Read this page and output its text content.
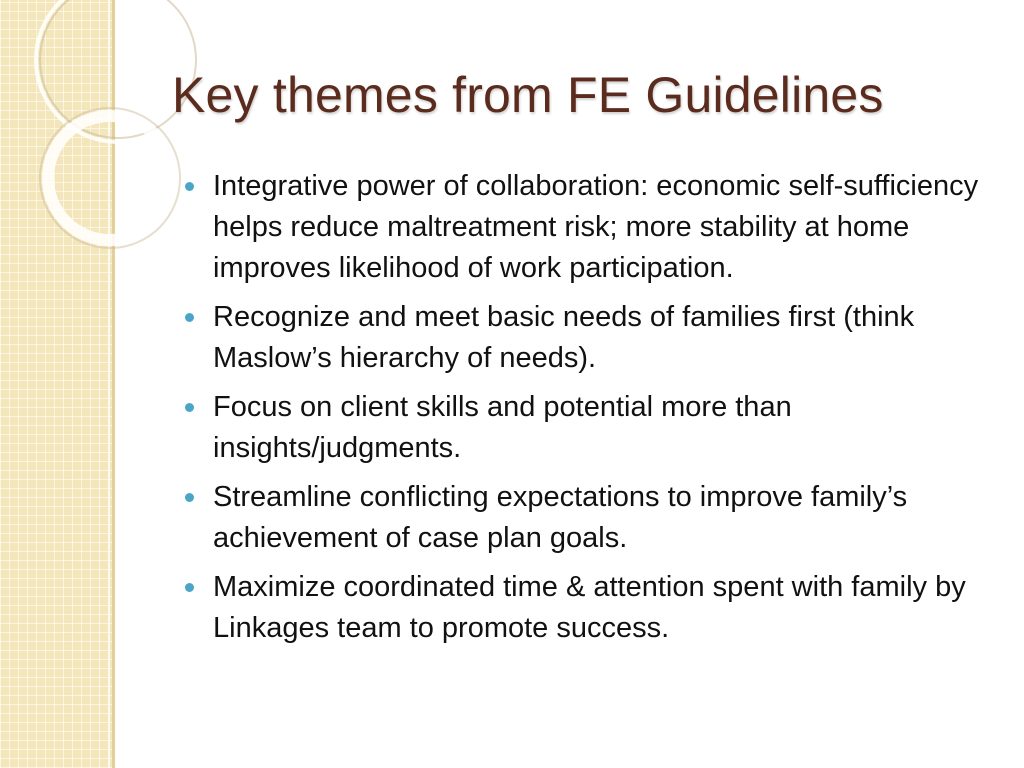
Key themes from FE Guidelines
Integrative power of collaboration: economic self-sufficiency helps reduce maltreatment risk; more stability at home improves likelihood of work participation.
Recognize and meet basic needs of families first (think Maslow’s hierarchy of needs).
Focus on client skills and potential more than insights/judgments.
Streamline conflicting expectations to improve family’s achievement of case plan goals.
Maximize coordinated time & attention spent with family by Linkages team to promote success.
